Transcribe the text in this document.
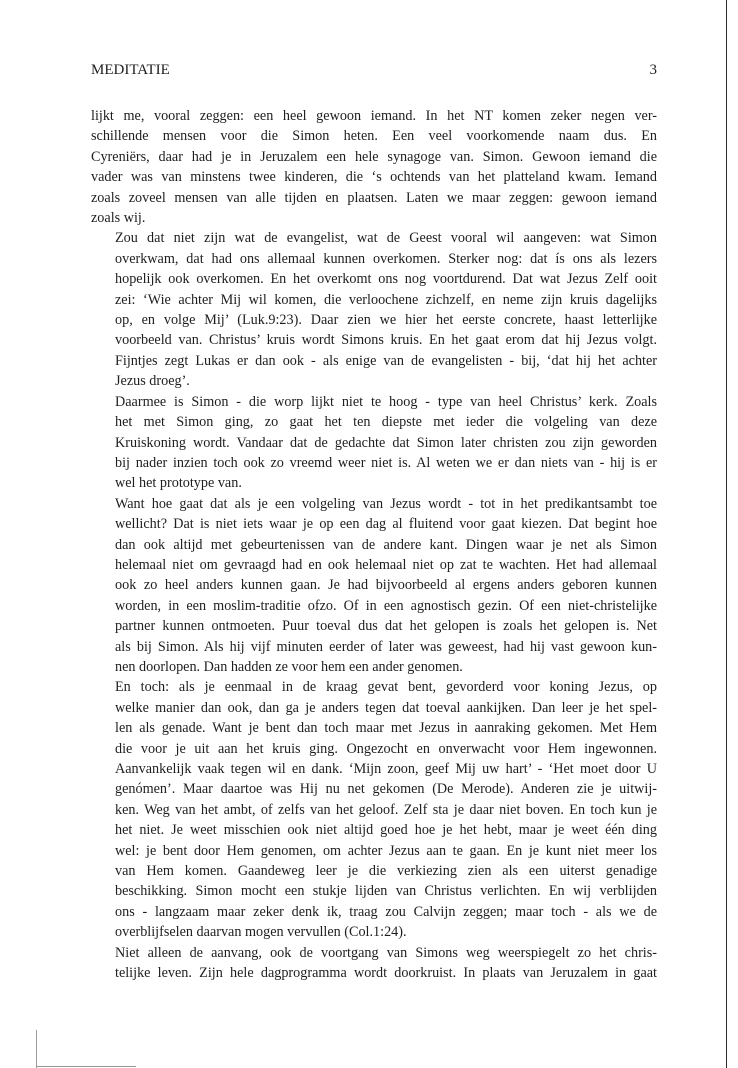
MEDITATIE	3

lijkt me, vooral zeggen: een heel gewoon iemand. In het NT komen zeker negen ver-
schillende mensen voor die Simon heten. Een veel voorkomende naam dus. En
Cyreniërs, daar had je in Jeruzalem een hele synagoge van. Simon. Gewoon iemand die
vader was van minstens twee kinderen, die ‘s ochtends van het platteland kwam. Iemand
zoals zoveel mensen van alle tijden en plaatsen. Laten we maar zeggen: gewoon iemand
zoals wij.

Zou dat niet zijn wat de evangelist, wat de Geest vooral wil aangeven: wat Simon
overkwam, dat had ons allemaal kunnen overkomen. Sterker nog: dat ís ons als lezers
hopelijk ook overkomen. En het overkomt ons nog voortdurend. Dat wat Jezus Zelf ooit
zei: ‘Wie achter Mij wil komen, die verloochene zichzelf, en neme zijn kruis dagelijks
op, en volge Mij’ (Luk.9:23). Daar zien we hier het eerste concrete, haast letterlijke
voorbeeld van. Christus’ kruis wordt Simons kruis. En het gaat erom dat hij Jezus volgt.
Fijntjes zegt Lukas er dan ook - als enige van de evangelisten - bij, ‘dat hij het achter
Jezus droeg’.

Daarmee is Simon - die worp lijkt niet te hoog - type van heel Christus’ kerk. Zoals
het met Simon ging, zo gaat het ten diepste met ieder die volgeling van deze
Kruiskoning wordt. Vandaar dat de gedachte dat Simon later christen zou zijn geworden
bij nader inzien toch ook zo vreemd weer niet is. Al weten we er dan niets van - hij is er
wel het prototype van.

Want hoe gaat dat als je een volgeling van Jezus wordt - tot in het predikantsambt toe
wellicht? Dat is niet iets waar je op een dag al fluitend voor gaat kiezen. Dat begint hoe
dan ook altijd met gebeurtenissen van de andere kant. Dingen waar je net als Simon
helemaal niet om gevraagd had en ook helemaal niet op zat te wachten. Het had allemaal
ook zo heel anders kunnen gaan. Je had bijvoorbeeld al ergens anders geboren kunnen
worden, in een moslim-traditie ofzo. Of in een agnostisch gezin. Of een niet-christelijke
partner kunnen ontmoeten. Puur toeval dus dat het gelopen is zoals het gelopen is. Net
als bij Simon. Als hij vijf minuten eerder of later was geweest, had hij vast gewoon kun-
nen doorlopen. Dan hadden ze voor hem een ander genomen.

En toch: als je eenmaal in de kraag gevat bent, gevorderd voor koning Jezus, op
welke manier dan ook, dan ga je anders tegen dat toeval aankijken. Dan leer je het spel-
len als genade. Want je bent dan toch maar met Jezus in aanraking gekomen. Met Hem
die voor je uit aan het kruis ging. Ongezocht en onverwacht voor Hem ingewonnen.
Aanvankelijk vaak tegen wil en dank. ‘Mijn zoon, geef Mij uw hart’ - ‘Het moet door U
genómen’. Maar daartoe was Hij nu net gekomen (De Merode). Anderen zie je uitwij-
ken. Weg van het ambt, of zelfs van het geloof. Zelf sta je daar niet boven. En toch kun je
het niet. Je weet misschien ook niet altijd goed hoe je het hebt, maar je weet één ding
wel: je bent door Hem genomen, om achter Jezus aan te gaan. En je kunt niet meer los
van Hem komen. Gaandeweg leer je die verkiezing zien als een uiterst genadige
beschikking. Simon mocht een stukje lijden van Christus verlichten. En wij verblijden
ons - langzaam maar zeker denk ik, traag zou Calvijn zeggen; maar toch - als we de
overblijfselen daarvan mogen vervullen (Col.1:24).

Niet alleen de aanvang, ook de voortgang van Simons weg weerspiegelt zo het chris-
telijke leven. Zijn hele dagprogramma wordt doorkruist. In plaats van Jeruzalem in gaat
